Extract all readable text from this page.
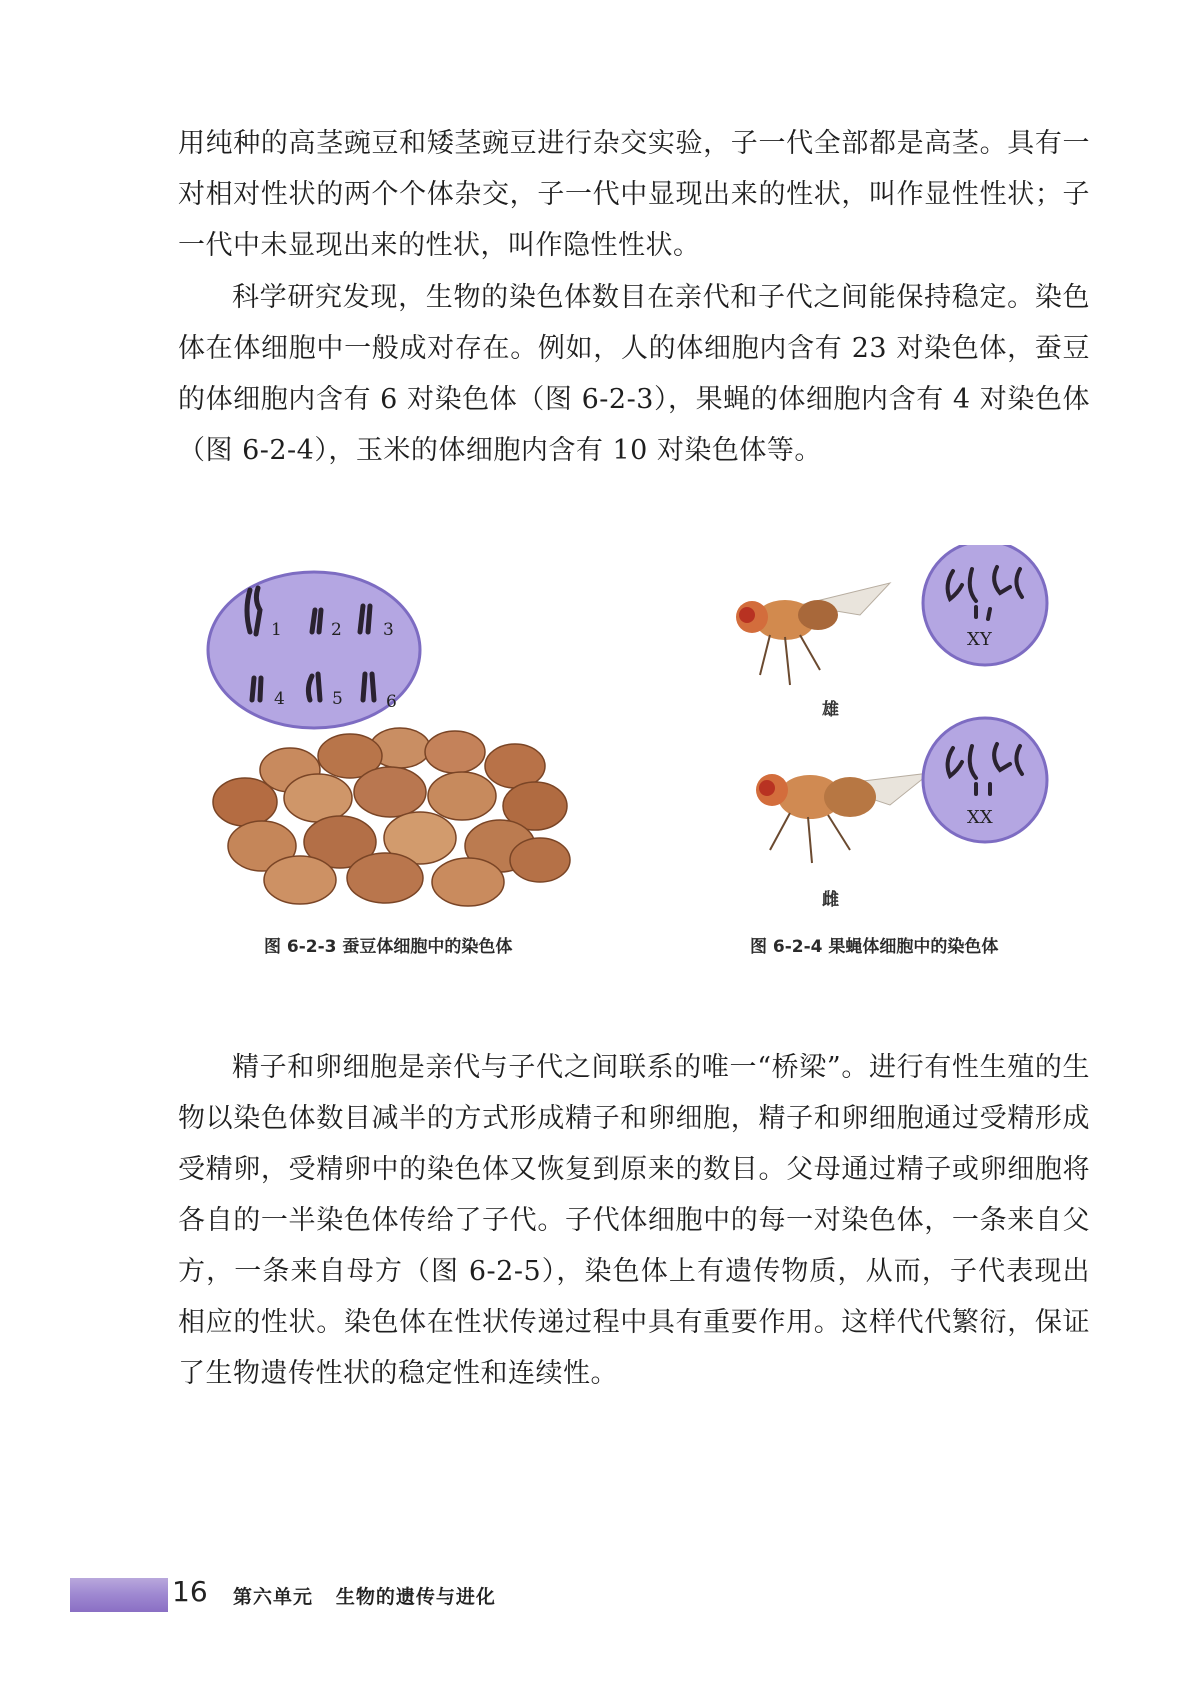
用纯种的高茎豌豆和矮茎豌豆进行杂交实验，子一代全部都是高茎。具有一对相对性状的两个个体杂交，子一代中显现出来的性状，叫作显性性状；子一代中未显现出来的性状，叫作隐性性状。

科学研究发现，生物的染色体数目在亲代和子代之间能保持稳定。染色体在体细胞中一般成对存在。例如，人的体细胞内含有 23 对染色体，蚕豆的体细胞内含有 6 对染色体（图 6-2-3），果蝇的体细胞内含有 4 对染色体（图 6-2-4），玉米的体细胞内含有 10 对染色体等。

精子和卵细胞是亲代与子代之间联系的唯一“桥梁”。进行有性生殖的生物以染色体数目减半的方式形成精子和卵细胞，精子和卵细胞通过受精形成受精卵，受精卵中的染色体又恢复到原来的数目。父母通过精子或卵细胞将各自的一半染色体传给了子代。子代体细胞中的每一对染色体，一条来自父方，一条来自母方（图 6-2-5），染色体上有遗传物质，从而，子代表现出相应的性状。染色体在性状传递过程中具有重要作用。这样代代繁衍，保证了生物遗传性状的稳定性和连续性。

1	2 3
4	5	6
图 6-2-3 蚕豆体细胞中的染色体
XY
XX
雄
雌
图 6-2-4 果蝇体细胞中的染色体
16 第六单元   生物的遗传与进化
